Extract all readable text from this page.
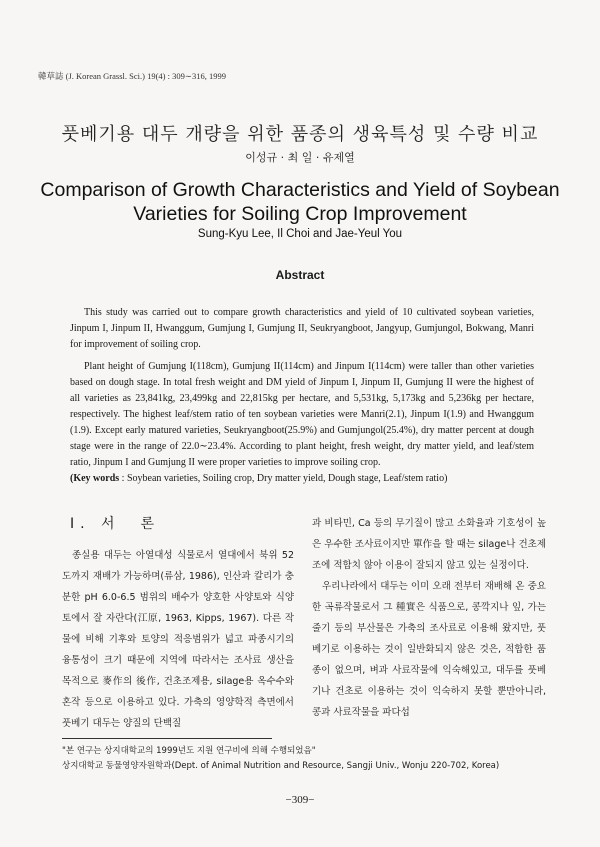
韓草誌 (J. Korean Grassl. Sci.) 19(4) : 309∼316, 1999
풋베기용 대두 개량을 위한 품종의 생육특성 및 수량 비교
이성규 · 최 일 · 유제열
Comparison of Growth Characteristics and Yield of Soybean
Varieties for Soiling Crop Improvement
Sung-Kyu Lee, Il Choi and Jae-Yeul You
Abstract

This study was carried out to compare growth characteristics and yield of 10 cultivated soybean varieties, Jinpum I, Jinpum II, Hwanggum, Gumjung I, Gumjung II, Seukryangboot, Jangyup, Gumjungol, Bokwang, Manri for improvement of soiling crop.

Plant height of Gumjung I(118cm), Gumjung II(114cm) and Jinpum I(114cm) were taller than other varieties based on dough stage. In total fresh weight and DM yield of Jinpum I, Jinpum II, Gumjung II were the highest of all varieties as 23,841kg, 23,499kg and 22,815kg per hectare, and 5,531kg, 5,173kg and 5,236kg per hectare, respectively. The highest leaf/stem ratio of ten soybean varieties were Manri(2.1), Jinpum I(1.9) and Hwanggum (1.9). Except early matured varieties, Seukryangboot(25.9%) and Gumjungol(25.4%), dry matter percent at dough stage were in the range of 22.0∼23.4%. According to plant height, fresh weight, dry matter yield, and leaf/stem ratio, Jinpum I and Gumjung II were proper varieties to improve soiling crop.

(Key words : Soybean varieties, Soiling crop, Dry matter yield, Dough stage, Leaf/stem ratio)

Ⅰ. 서　론

종실용 대두는 아열대성 식물로서 열대에서 북위 52도까지 재배가 가능하며(류삼, 1986), 인산과 칼리가 충분한 pH 6.0-6.5 범위의 배수가 양호한 사양토와 식양토에서 잘 자란다(江原, 1963, Kipps, 1967). 다른 작물에 비해 기후와 토양의 적응범위가 넓고 파종시기의 융통성이 크기 때문에 지역에 따라서는 조사료 생산을 목적으로 麥作의 後作, 건초조제용, silage용 옥수수와 혼작 등으로 이용하고 있다. 가축의 영양학적 측면에서 풋베기 대두는 양질의 단백질

과 비타민, Ca 등의 무기질이 많고 소화율과 기호성이 높은 우수한 조사료이지만 單作을 할 때는 silage나 건초제조에 적합치 않아 이용이 잘되지 않고 있는 실정이다.

우리나라에서 대두는 이미 오래 전부터 재배해 온 중요한 곡류작물로서 그 種實은 식품으로, 콩깍지나 잎, 가는 줄기 등의 부산물은 가축의 조사료로 이용해 왔지만, 풋베기로 이용하는 것이 일반화되지 않은 것은, 적합한 품종이 없으며, 벼과 사료작물에 익숙해있고, 대두를 풋베기나 건초로 이용하는 것이 익숙하지 못할 뿐만아니라, 콩과 사료작물을 파다섭

"본 연구는 상지대학교의 1999년도 지원 연구비에 의해 수행되었음"
상지대학교 동물영양자원학과(Dept. of Animal Nutrition and Resource, Sangji Univ., Wonju 220-702, Korea)
−309−
